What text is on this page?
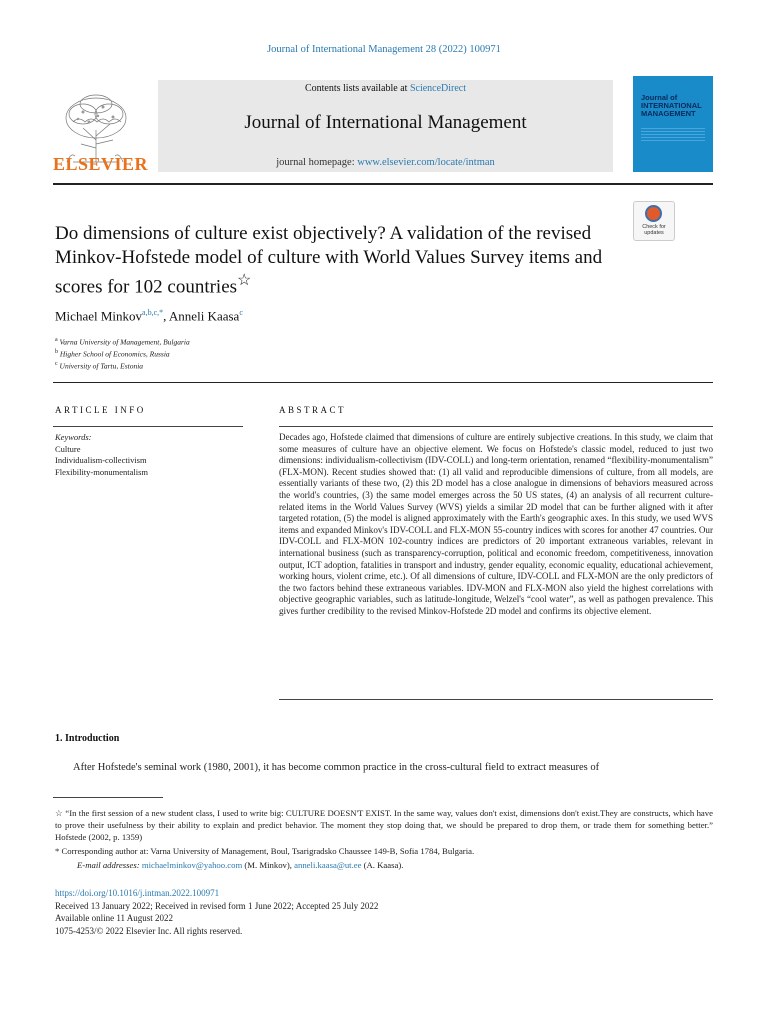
Journal of International Management 28 (2022) 100971
ELSEVIER
Contents lists available at ScienceDirect
Journal of International Management
journal homepage: www.elsevier.com/locate/intman
Journal of INTERNATIONAL MANAGEMENT
Do dimensions of culture exist objectively? A validation of the revised Minkov-Hofstede model of culture with World Values Survey items and scores for 102 countries☆
Check for updates
Michael Minkov$^{a,b,c,*}$, Anneli Kaasa$^c$
$^a$ Varna University of Management, Bulgaria
$^b$ Higher School of Economics, Russia
$^c$ University of Tartu, Estonia
ARTICLE INFO	ABSTRACT
Keywords:
Culture
Individualism-collectivism
Flexibility-monumentalism
Decades ago, Hofstede claimed that dimensions of culture are entirely subjective creations. In this study, we claim that some measures of culture have an objective element. We focus on Hofstede's classic model, reduced to just two dimensions: individualism-collectivism (IDV-COLL) and long-term orientation, renamed “flexibility-monumentalism” (FLX-MON). Recent studies showed that: (1) all valid and reproducible dimensions of culture, from all models, are essentially variants of these two, (2) this 2D model has a close analogue in dimensions of behaviors measured across the world's countries, (3) the same model emerges across the 50 US states, (4) an analysis of all recurrent culture-related items in the World Values Survey (WVS) yields a similar 2D model that can be further aligned with it after targeted rotation, (5) the model is aligned approximately with the Earth's geographic axes. In this study, we used WVS items and expanded Minkov's IDV-COLL and FLX-MON 55-country indices with scores for another 47 countries. Our IDV-COLL and FLX-MON 102-country indices are predictors of 20 important extraneous variables, relevant in international business (such as transparency-corruption, political and economic freedom, competitiveness, innovation output, ICT adoption, fatalities in transport and industry, gender equality, economic equality, educational achievement, working hours, violent crime, etc.). Of all dimensions of culture, IDV-COLL and FLX-MON are the only predictors of the two factors behind these extraneous variables. IDV-MON and FLX-MON also yield the highest correlations with objective geographic variables, such as latitude-longitude, Welzel's “cool water”, as well as pathogen prevalence. This gives further credibility to the revised Minkov-Hofstede 2D model and confirms its objective element.
1. Introduction
After Hofstede's seminal work (1980, 2001), it has become common practice in the cross-cultural field to extract measures of

☆ “In the first session of a new student class, I used to write big: CULTURE DOESN'T EXIST. In the same way, values don't exist, dimensions don't exist.They are constructs, which have to prove their usefulness by their ability to explain and predict behavior. The moment they stop doing that, we should be prepared to drop them, or trade them for something better.” Hofstede (2002, p. 1359)

* Corresponding author at: Varna University of Management, Boul, Tsarigradsko Chaussee 149-B, Sofia 1784, Bulgaria.

E-mail addresses: michaelminkov@yahoo.com (M. Minkov), anneli.kaasa@ut.ee (A. Kaasa).

https://doi.org/10.1016/j.intman.2022.100971
Received 13 January 2022; Received in revised form 1 June 2022; Accepted 25 July 2022
Available online 11 August 2022
1075-4253/© 2022 Elsevier Inc. All rights reserved.
